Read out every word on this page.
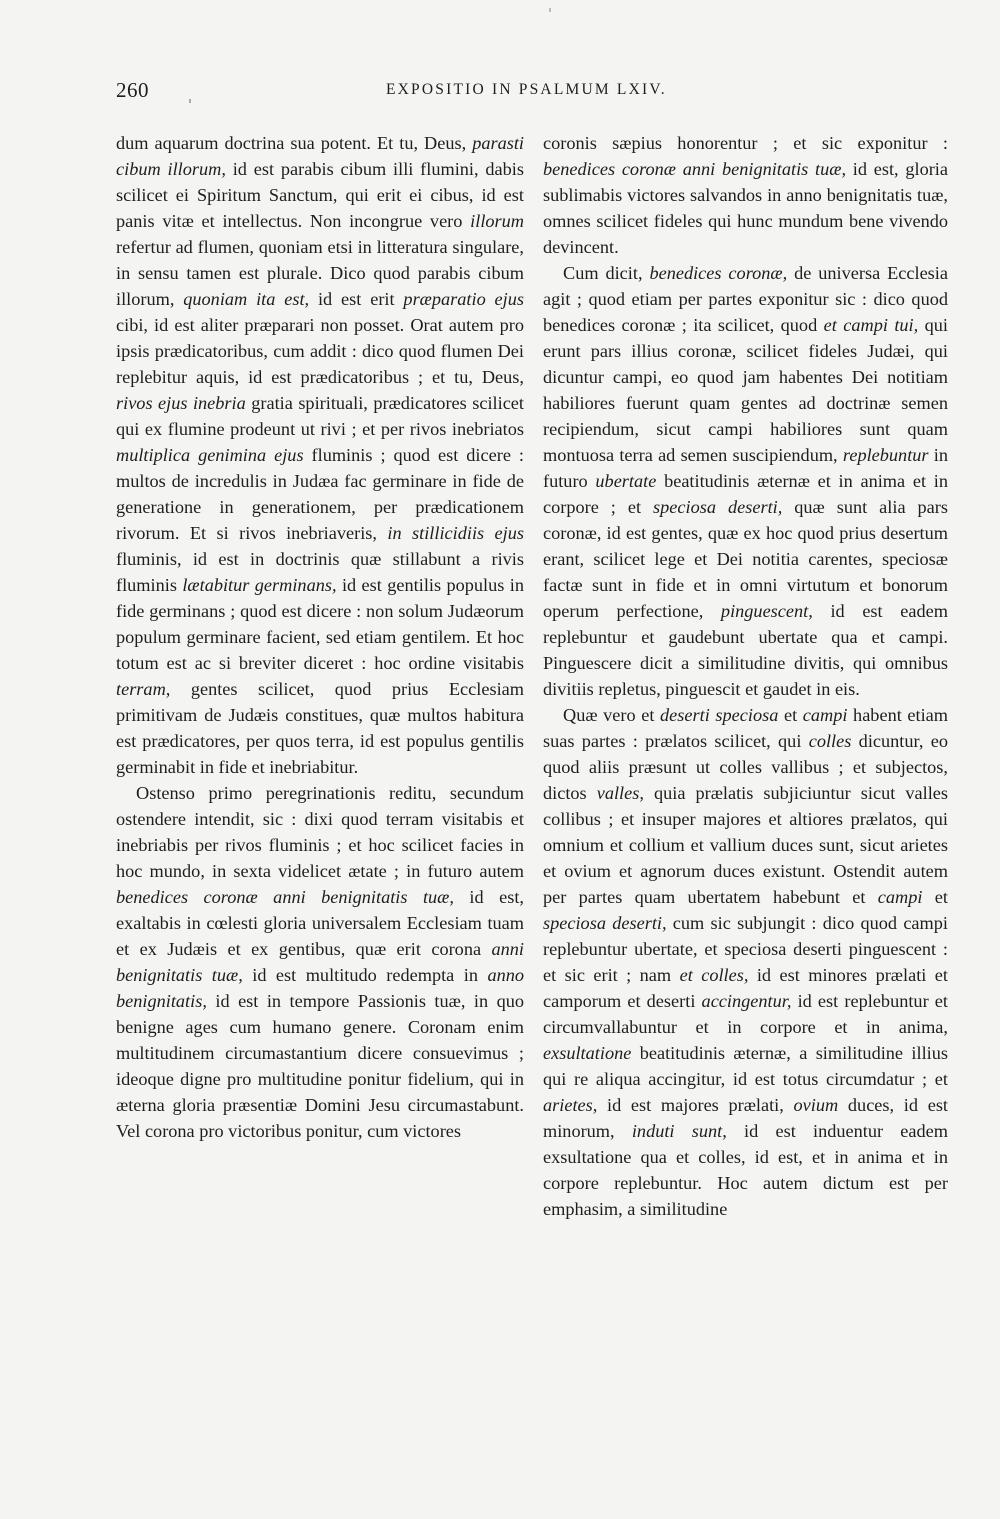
260	EXPOSITIO IN PSALMUM LXIV.

dum aquarum doctrina sua potent. Et tu, Deus, parasti cibum illorum, id est parabis cibum illi flumini, dabis scilicet ei Spiritum Sanctum, qui erit ei cibus, id est panis vitæ et intellectus. Non incongrue vero illorum refertur ad flumen, quoniam etsi in litteratura singulare, in sensu tamen est plurale. Dico quod parabis cibum illorum, quoniam ita est, id est erit præparatio ejus cibi, id est aliter præparari non posset. Orat autem pro ipsis prædicatoribus, cum addit : dico quod flumen Dei replebitur aquis, id est prædicatoribus ; et tu, Deus, rivos ejus inebria gratia spirituali, prædicatores scilicet qui ex flumine prodeunt ut rivi ; et per rivos inebriatos multiplica genimina ejus fluminis ; quod est dicere : multos de incredulis in Judæa fac germinare in fide de generatione in generationem, per prædicationem rivorum. Et si rivos inebriaveris, in stillicidiis ejus fluminis, id est in doctrinis quæ stillabunt a rivis fluminis lætabitur germinans, id est gentilis populus in fide germinans ; quod est dicere : non solum Judæorum populum germinare facient, sed etiam gentilem. Et hoc totum est ac si breviter diceret : hoc ordine visitabis terram, gentes scilicet, quod prius Ecclesiam primitivam de Judæis constitues, quæ multos habitura est prædicatores, per quos terra, id est populus gentilis germinabit in fide et inebriabitur.

Ostenso primo peregrinationis reditu, secundum ostendere intendit, sic : dixi quod terram visitabis et inebriabis per rivos fluminis ; et hoc scilicet facies in hoc mundo, in sexta videlicet ætate ; in futuro autem benedices coronæ anni benignitatis tuæ, id est, exaltabis in cœlesti gloria universalem Ecclesiam tuam et ex Judæis et ex gentibus, quæ erit corona anni benignitatis tuæ, id est multitudo redempta in anno benignitatis, id est in tempore Passionis tuæ, in quo benigne ages cum humano genere. Coronam enim multitudinem circumastantium dicere consuevimus ; ideoque digne pro multitudine ponitur fidelium, qui in æterna gloria præsentiæ Domini Jesu circumastabunt. Vel corona pro victoribus ponitur, cum victores

coronis sæpius honorentur ; et sic exponitur : benedices coronæ anni benignitatis tuæ, id est, gloria sublimabis victores salvandos in anno benignitatis tuæ, omnes scilicet fideles qui hunc mundum bene vivendo devincent.

Cum dicit, benedices coronæ, de universa Ecclesia agit ; quod etiam per partes exponitur sic : dico quod benedices coronæ ; ita scilicet, quod et campi tui, qui erunt pars illius coronæ, scilicet fideles Judæi, qui dicuntur campi, eo quod jam habentes Dei notitiam habiliores fuerunt quam gentes ad doctrinæ semen recipiendum, sicut campi habiliores sunt quam montuosa terra ad semen suscipiendum, replebuntur in futuro ubertate beatitudinis æternæ et in anima et in corpore ; et speciosa deserti, quæ sunt alia pars coronæ, id est gentes, quæ ex hoc quod prius desertum erant, scilicet lege et Dei notitia carentes, speciosæ factæ sunt in fide et in omni virtutum et bonorum operum perfectione, pinguescent, id est eadem replebuntur et gaudebunt ubertate qua et campi. Pinguescere dicit a similitudine divitis, qui omnibus divitiis repletus, pinguescit et gaudet in eis.

Quæ vero et deserti speciosa et campi habent etiam suas partes : prælatos scilicet, qui colles dicuntur, eo quod aliis præsunt ut colles vallibus ; et subjectos, dictos valles, quia prælatis subjiciuntur sicut valles collibus ; et insuper majores et altiores prælatos, qui omnium et collium et vallium duces sunt, sicut arietes et ovium et agnorum duces existunt. Ostendit autem per partes quam ubertatem habebunt et campi et speciosa deserti, cum sic subjungit : dico quod campi replebuntur ubertate, et speciosa deserti pinguescent : et sic erit ; nam et colles, id est minores prælati et camporum et deserti accingentur, id est replebuntur et circumvallabuntur et in corpore et in anima, exsultatione beatitudinis æternæ, a similitudine illius qui re aliqua accingitur, id est totus circumdatur ; et arietes, id est majores prælati, ovium duces, id est minorum, induti sunt, id est induentur eadem exsultatione qua et colles, id est, et in anima et in corpore replebuntur. Hoc autem dictum est per emphasim, a similitudine
